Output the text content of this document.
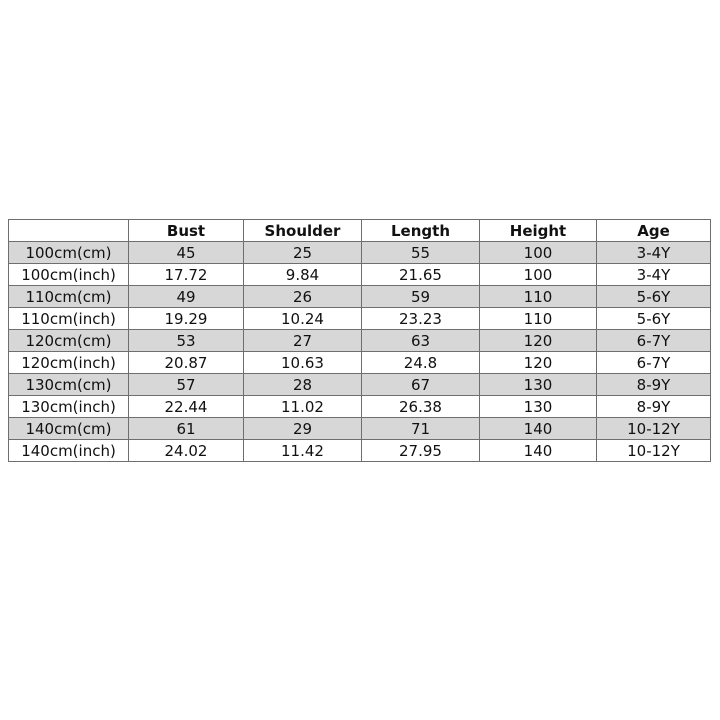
	Bust	Shoulder	Length	Height	Age
100cm(cm)	45	25	55	100	3-4Y
100cm(inch)	17.72	9.84	21.65	100	3-4Y
110cm(cm)	49	26	59	110	5-6Y
110cm(inch)	19.29	10.24	23.23	110	5-6Y
120cm(cm)	53	27	63	120	6-7Y
120cm(inch)	20.87	10.63	24.8	120	6-7Y
130cm(cm)	57	28	67	130	8-9Y
130cm(inch)	22.44	11.02	26.38	130	8-9Y
140cm(cm)	61	29	71	140	10-12Y
140cm(inch)	24.02	11.42	27.95	140	10-12Y
